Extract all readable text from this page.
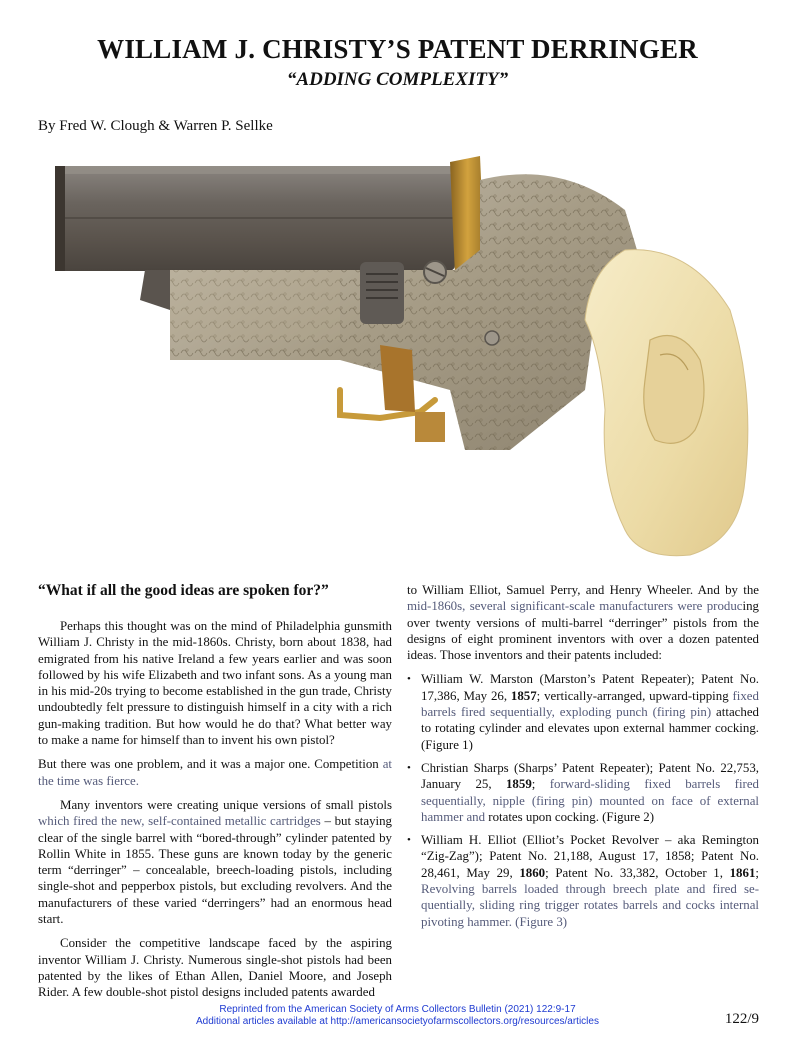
WILLIAM J. CHRISTY’S PATENT DERRINGER
“ADDING COMPLEXITY”
By Fred W. Clough & Warren P. Sellke
“What if all the good ideas are spoken for?”

Perhaps this thought was on the mind of Philadelphia gunsmith William J. Christy in the mid-1860s. Christy, born about 1838, had emigrated from his native Ireland a few years earlier and was soon followed by his wife Elizabeth and two infant sons. As a young man in his mid-20s trying to become established in the gun trade, Christy undoubtedly felt pressure to distinguish himself in a city with a rich gun-making tradition. But how would he do that? What better way to make a name for himself than to invent his own pistol?

But there was one problem, and it was a major one. Competition at the time was fierce.

Many inventors were creating unique versions of small pistols which fired the new, self-contained metallic cartridges – but staying clear of the single barrel with “bored-through” cylinder patented by Rollin White in 1855. These guns are known today by the generic term “derringer” – concealable, breech-loading pistols, including single-shot and pepperbox pistols, but excluding revolvers. And the manufacturers of these varied “derringers” had an enormous head start.

Consider the competitive landscape faced by the aspiring inventor William J. Christy. Numerous single-shot pistols had been patented by the likes of Ethan Allen, Daniel Moore, and Joseph Rider. A few double-shot pistol designs included patents awarded

to William Elliot, Samuel Perry, and Henry Wheeler. And by the mid-1860s, several significant-scale manufacturers were producing over twenty versions of multi-barrel “derringer” pistols from the designs of eight prominent inventors with over a dozen patented ideas. Those inventors and their patents included:

• William W. Marston (Marston’s Patent Repeater); Patent No. 17,386, May 26, 1857; vertically-arranged, upward-tipping fixed barrels fired sequentially, exploding punch (firing pin) attached to rotating cylinder and elevates upon external hammer cocking. (Figure 1)
• Christian Sharps (Sharps’ Patent Repeater); Patent No. 22,753, January 25, 1859; forward-sliding fixed barrels fired sequentially, nipple (firing pin) mounted on face of external hammer and rotates upon cocking. (Figure 2)
• William H. Elliot (Elliot’s Pocket Revolver – aka Remington “Zig-Zag”); Patent No. 21,188, August 17, 1858; Patent No. 28,461, May 29, 1860; Patent No. 33,382, October 1, 1861; Revolving barrels loaded through breech plate and fired se- quentially, sliding ring trigger rotates barrels and cocks internal pivoting hammer. (Figure 3)
Reprinted from the American Society of Arms Collectors Bulletin (2021) 122:9-17
Additional articles available at http://americansocietyofarmscollectors.org/resources/articles	122/9
